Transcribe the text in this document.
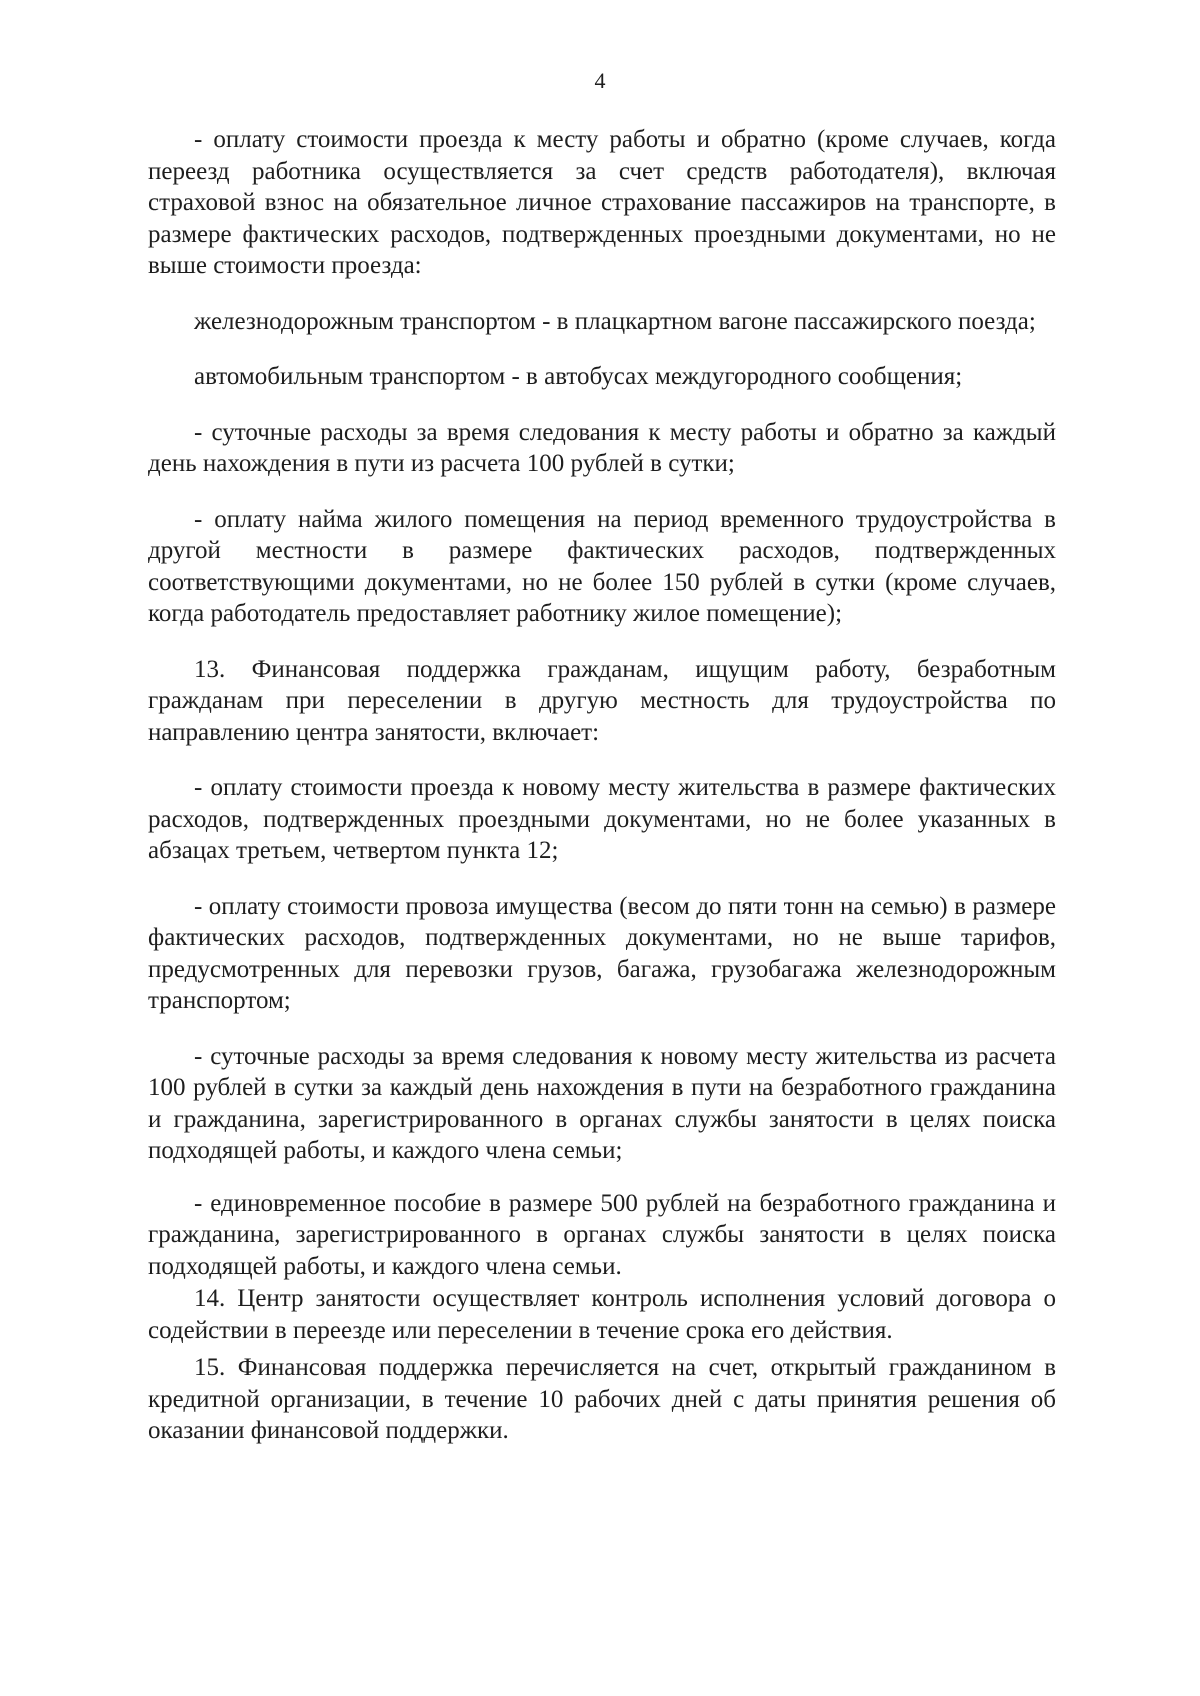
4

- оплату стоимости проезда к месту работы и обратно (кроме случаев, когда переезд работника осуществляется за счет средств работодателя), включая страховой взнос на обязательное личное страхование пассажиров на транспорте, в размере фактических расходов, подтвержденных проездными документами, но не выше стоимости проезда:

железнодорожным транспортом - в плацкартном вагоне пассажирского поезда;

автомобильным транспортом - в автобусах междугородного сообщения;

- суточные расходы за время следования к месту работы и обратно за каждый день нахождения в пути из расчета 100 рублей в сутки;

- оплату найма жилого помещения на период временного трудоустройства в другой местности в размере фактических расходов, подтвержденных соответствующими документами, но не более 150 рублей в сутки (кроме случаев, когда работодатель предоставляет работнику жилое помещение);

13. Финансовая поддержка гражданам, ищущим работу, безработным гражданам при переселении в другую местность для трудоустройства по направлению центра занятости, включает:

- оплату стоимости проезда к новому месту жительства в размере фактических расходов, подтвержденных проездными документами, но не более указанных в абзацах третьем, четвертом пункта 12;

- оплату стоимости провоза имущества (весом до пяти тонн на семью) в размере фактических расходов, подтвержденных документами, но не выше тарифов, предусмотренных для перевозки грузов, багажа, грузобагажа железнодорожным транспортом;

- суточные расходы за время следования к новому месту жительства из расчета 100 рублей в сутки за каждый день нахождения в пути на безработного гражданина и гражданина, зарегистрированного в органах службы занятости в целях поиска подходящей работы, и каждого члена семьи;

- единовременное пособие в размере 500 рублей на безработного гражданина и гражданина, зарегистрированного в органах службы занятости в целях поиска подходящей работы, и каждого члена семьи.

14. Центр занятости осуществляет контроль исполнения условий договора о содействии в переезде или переселении в течение срока его действия.

15. Финансовая поддержка перечисляется на счет, открытый гражданином в кредитной организации, в течение 10 рабочих дней с даты принятия решения об оказании финансовой поддержки.
